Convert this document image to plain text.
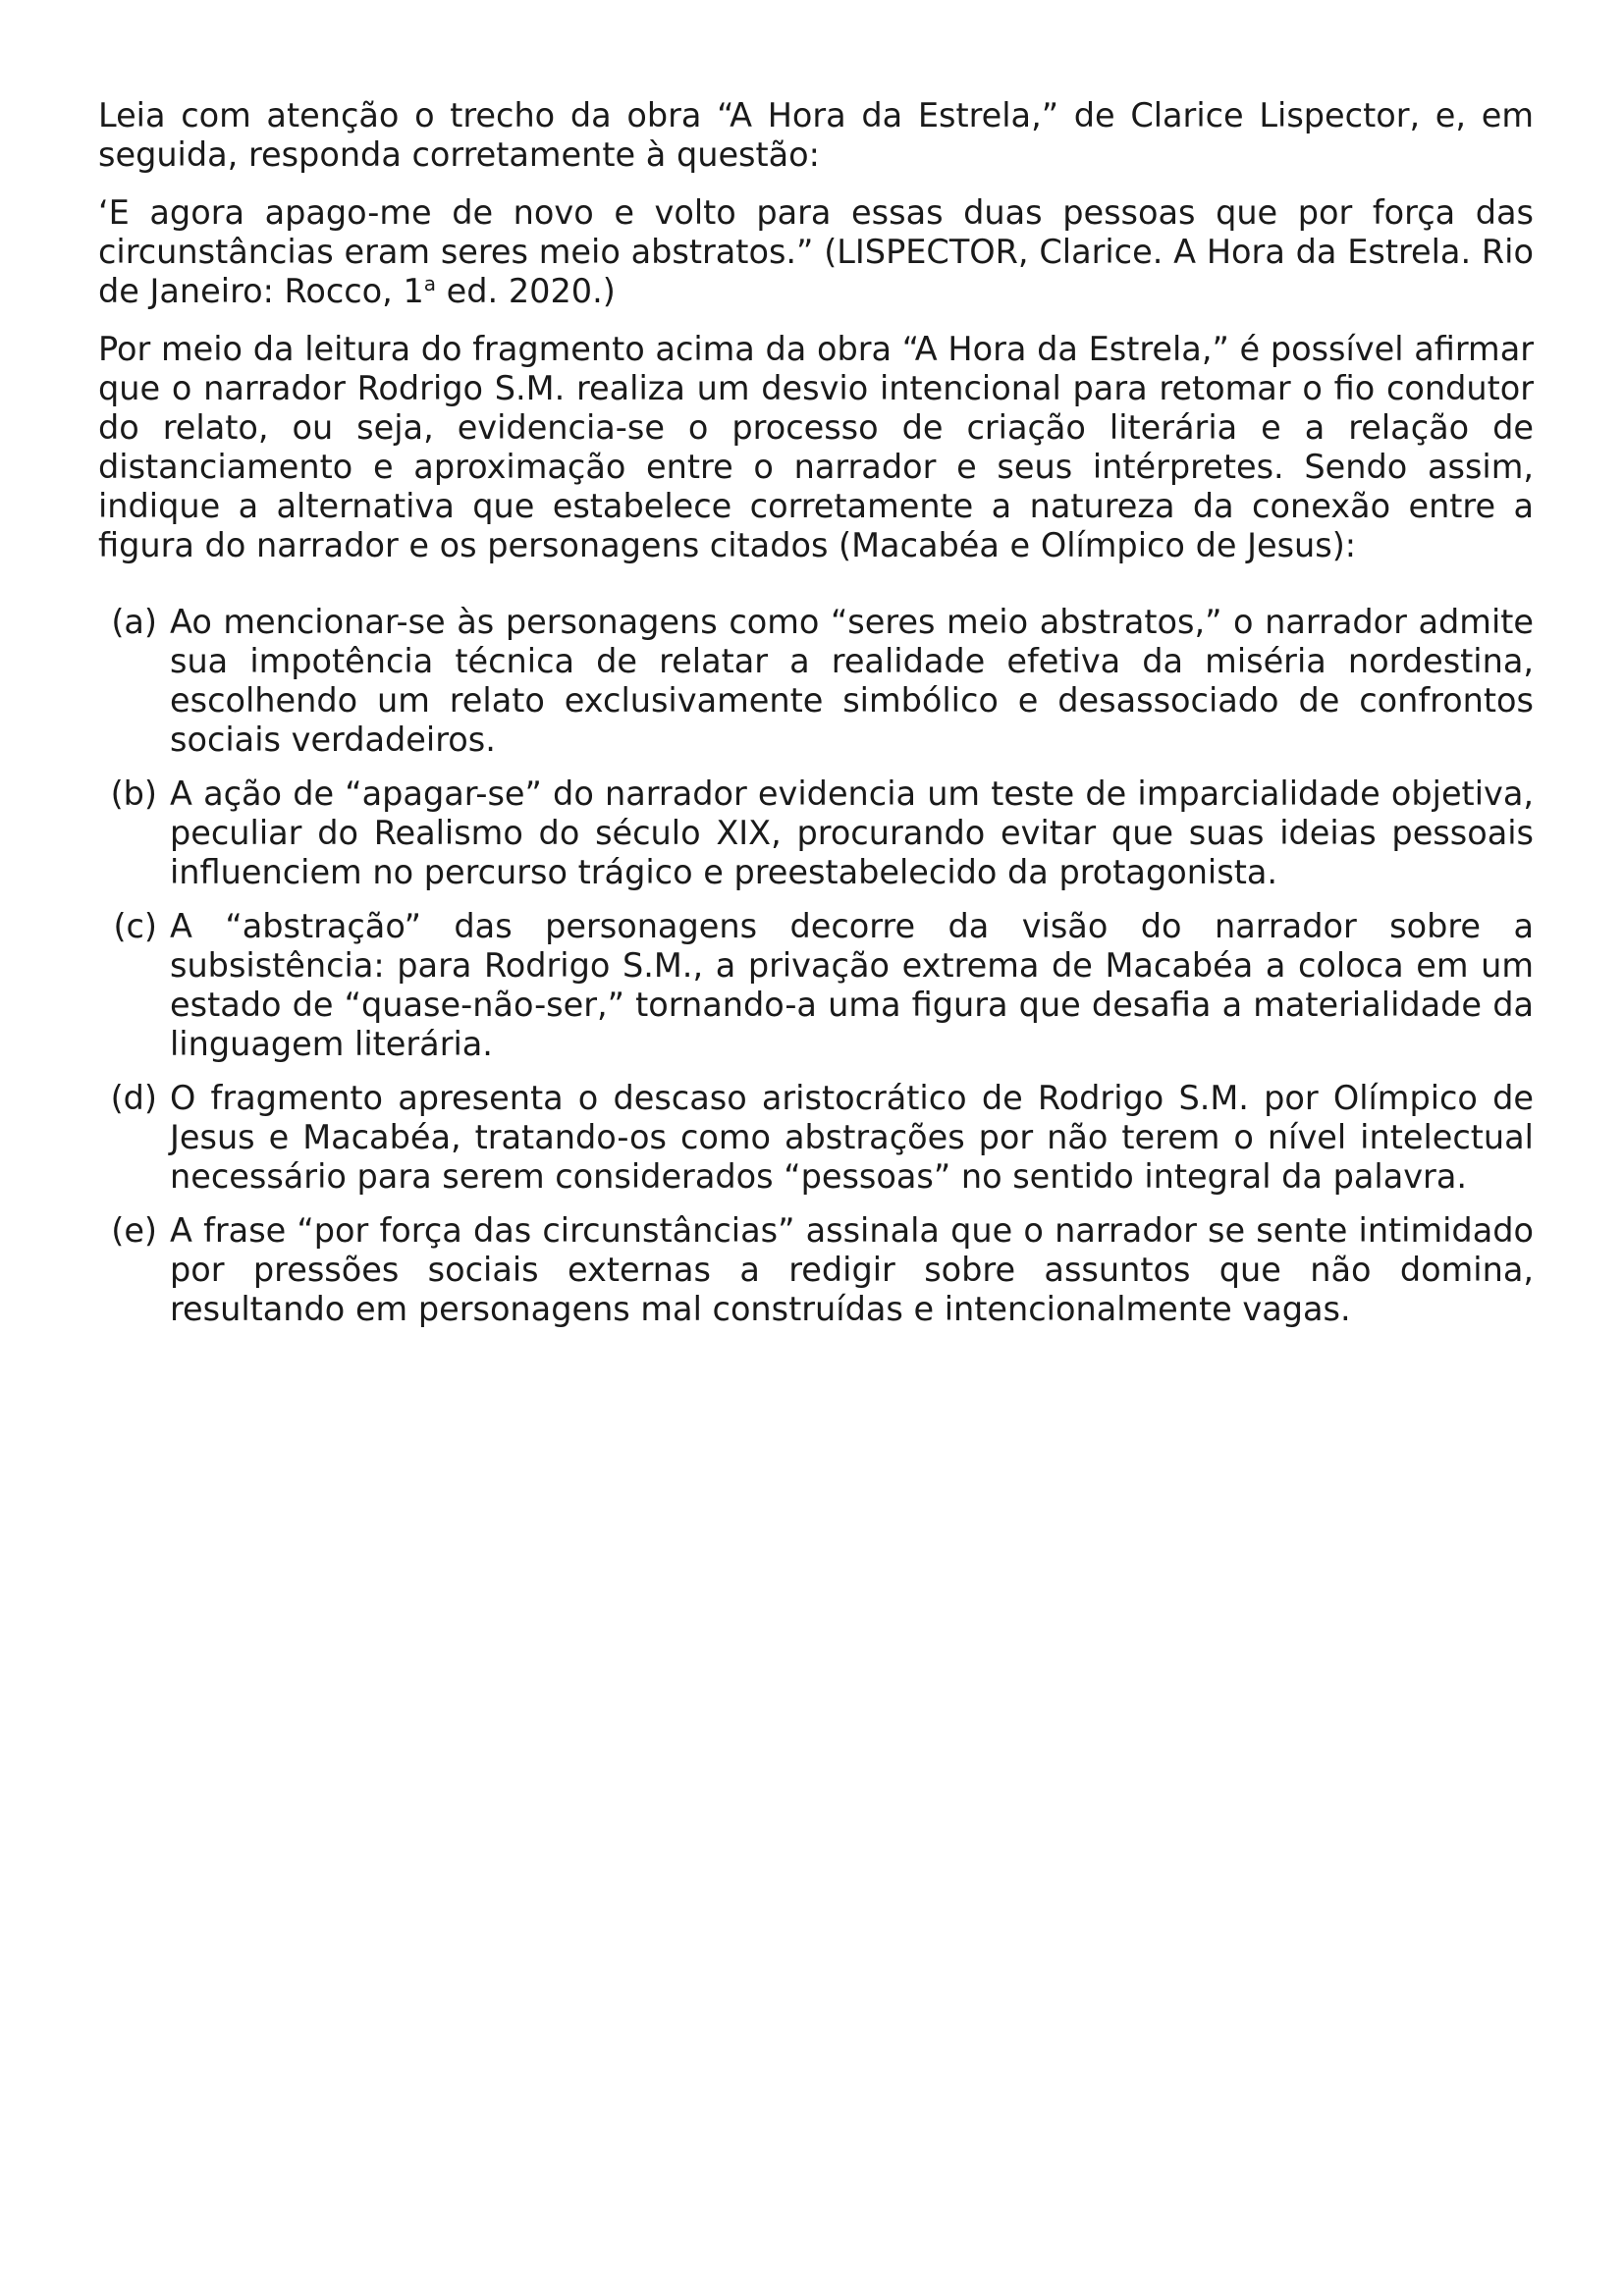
Leia com atenção o trecho da obra “A Hora da Estrela,” de Clarice Lispector, e, em seguida, responda corretamente à questão:

‘E agora apago-me de novo e volto para essas duas pessoas que por força das circunstâncias eram seres meio abstratos.” (LISPECTOR, Clarice. A Hora da Estrela. Rio de Janeiro: Rocco, 1$^a$ ed. 2020.)

Por meio da leitura do fragmento acima da obra “A Hora da Estrela,” é possível afirmar que o narrador Rodrigo S.M. realiza um desvio intencional para retomar o fio condutor do relato, ou seja, evidencia-se o processo de criação literária e a relação de distanciamento e aproximação entre o narrador e seus intérpretes. Sendo assim, indique a alternativa que estabelece corretamente a natureza da conexão entre a figura do narrador e os personagens citados (Macabéa e Olímpico de Jesus):

(a) Ao mencionar-se às personagens como “seres meio abstratos,” o narrador admite sua impotência técnica de relatar a realidade efetiva da miséria nordestina, escolhendo um relato exclusivamente simbólico e desassociado de confrontos sociais verdadeiros.
(b) A ação de “apagar-se” do narrador evidencia um teste de imparcialidade objetiva, peculiar do Realismo do século XIX, procurando evitar que suas ideias pessoais influenciem no percurso trágico e preestabelecido da protagonista.
(c) A “abstração” das personagens decorre da visão do narrador sobre a subsistência: para Rodrigo S.M., a privação extrema de Macabéa a coloca em um estado de “quase-não-ser,” tornando-a uma figura que desafia a materialidade da linguagem literária.
(d) O fragmento apresenta o descaso aristocrático de Rodrigo S.M. por Olímpico de Jesus e Macabéa, tratando-os como abstrações por não terem o nível intelectual necessário para serem considerados “pessoas” no sentido integral da palavra.
(e) A frase “por força das circunstâncias” assinala que o narrador se sente intimidado por pressões sociais externas a redigir sobre assuntos que não domina, resultando em personagens mal construídas e intencionalmente vagas.
